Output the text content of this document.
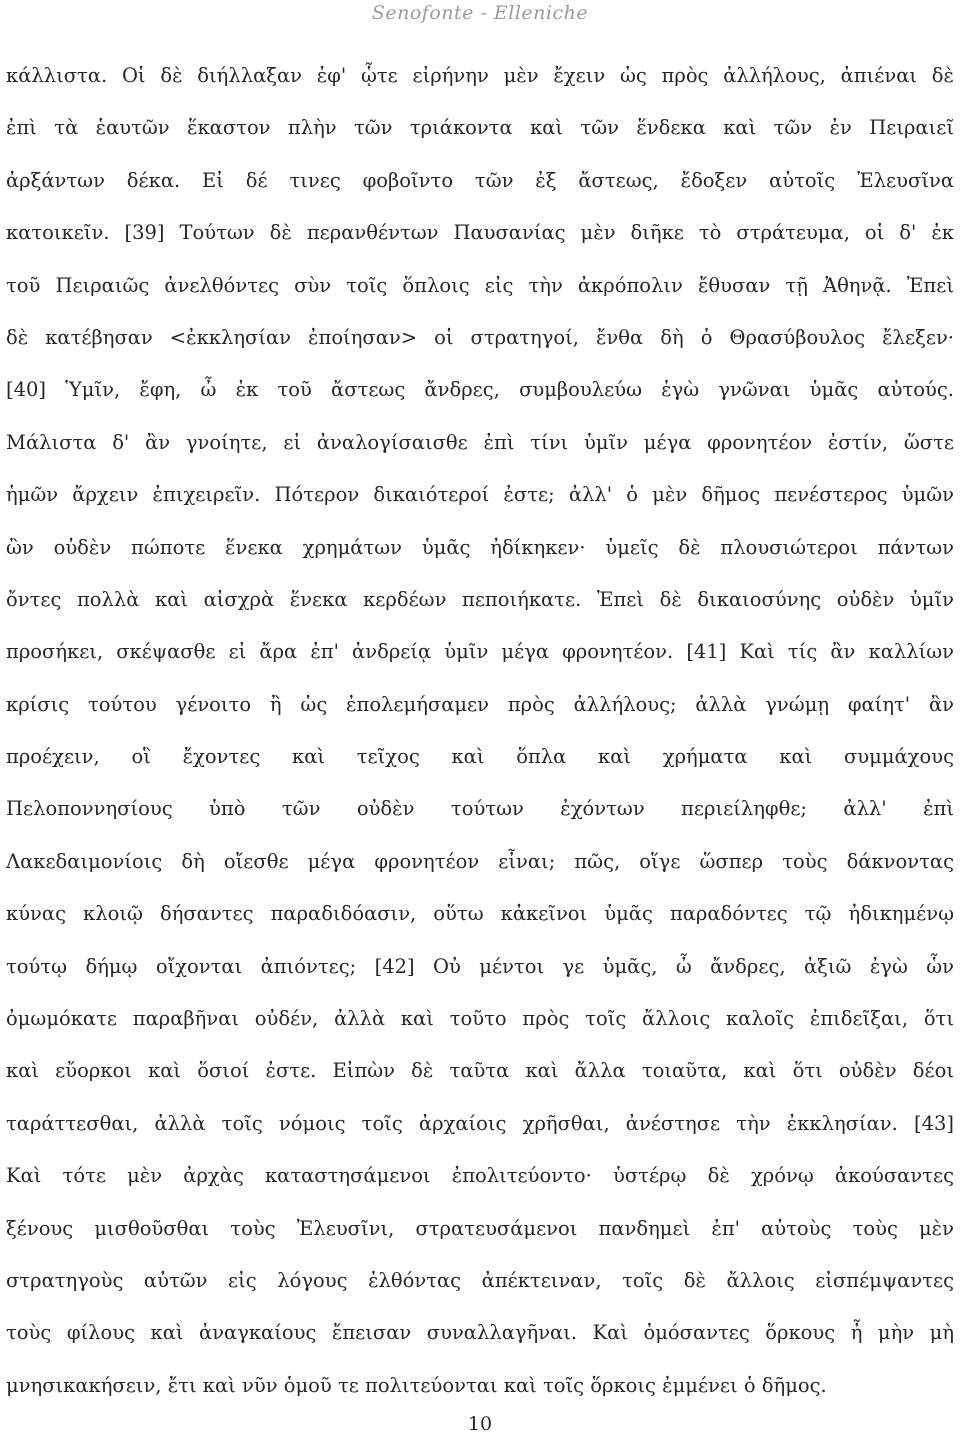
Senofonte - Elleniche
κάλλιστα. Οἱ δὲ διήλλαξαν ἐφ' ᾧτε εἰρήνην μὲν ἔχειν ὡς πρὸς ἀλλήλους, ἀπιέναι δὲ
ἐπὶ τὰ ἑαυτῶν ἕκαστον πλὴν τῶν τριάκοντα καὶ τῶν ἕνδεκα καὶ τῶν ἐν Πειραιεῖ
ἀρξάντων δέκα. Εἰ δέ τινες φοβοῖντο τῶν ἐξ ἄστεως, ἔδοξεν αὐτοῖς Ἐλευσῖνα
κατοικεῖν. [39] Τούτων δὲ περανθέντων Παυσανίας μὲν διῆκε τὸ στράτευμα, οἱ δ' ἐκ
τοῦ Πειραιῶς ἀνελθόντες σὺν τοῖς ὅπλοις εἰς τὴν ἀκρόπολιν ἔθυσαν τῇ Ἀθηνᾷ. Ἐπεὶ
δὲ κατέβησαν <ἐκκλησίαν ἐποίησαν> οἱ στρατηγοί, ἔνθα δὴ ὁ Θρασύβουλος ἔλεξεν·
[40] Ὑμῖν, ἔφη, ὦ ἐκ τοῦ ἄστεως ἄνδρες, συμβουλεύω ἐγὼ γνῶναι ὑμᾶς αὐτούς.
Μάλιστα δ' ἂν γνοίητε, εἰ ἀναλογίσαισθε ἐπὶ τίνι ὑμῖν μέγα φρονητέον ἐστίν, ὥστε
ἡμῶν ἄρχειν ἐπιχειρεῖν. Πότερον δικαιότεροί ἐστε; ἀλλ' ὁ μὲν δῆμος πενέστερος ὑμῶν
ὢν οὐδὲν πώποτε ἕνεκα χρημάτων ὑμᾶς ἠδίκηκεν· ὑμεῖς δὲ πλουσιώτεροι πάντων
ὄντες πολλὰ καὶ αἰσχρὰ ἕνεκα κερδέων πεποιήκατε. Ἐπεὶ δὲ δικαιοσύνης οὐδὲν ὑμῖν
προσήκει, σκέψασθε εἰ ἄρα ἐπ' ἀνδρείᾳ ὑμῖν μέγα φρονητέον. [41] Καὶ τίς ἂν καλλίων
κρίσις τούτου γένοιτο ἢ ὡς ἐπολεμήσαμεν πρὸς ἀλλήλους; ἀλλὰ γνώμῃ φαίητ' ἂν
προέχειν, οἳ ἔχοντες καὶ τεῖχος καὶ ὅπλα καὶ χρήματα καὶ συμμάχους
Πελοποννησίους ὑπὸ τῶν οὐδὲν τούτων ἐχόντων περιείληφθε; ἀλλ' ἐπὶ
Λακεδαιμονίοις δὴ οἴεσθε μέγα φρονητέον εἶναι; πῶς, οἵγε ὥσπερ τοὺς δάκνοντας
κύνας κλοιῷ δήσαντες παραδιδόασιν, οὕτω κἀκεῖνοι ὑμᾶς παραδόντες τῷ ἠδικημένῳ
τούτῳ δήμῳ οἴχονται ἀπιόντες; [42] Οὐ μέντοι γε ὑμᾶς, ὦ ἄνδρες, ἀξιῶ ἐγὼ ὧν
ὀμωμόκατε παραβῆναι οὐδέν, ἀλλὰ καὶ τοῦτο πρὸς τοῖς ἄλλοις καλοῖς ἐπιδεῖξαι, ὅτι
καὶ εὔορκοι καὶ ὅσιοί ἐστε. Εἰπὼν δὲ ταῦτα καὶ ἄλλα τοιαῦτα, καὶ ὅτι οὐδὲν δέοι
ταράττεσθαι, ἀλλὰ τοῖς νόμοις τοῖς ἀρχαίοις χρῆσθαι, ἀνέστησε τὴν ἐκκλησίαν. [43]
Καὶ τότε μὲν ἀρχὰς καταστησάμενοι ἐπολιτεύοντο· ὑστέρῳ δὲ χρόνῳ ἀκούσαντες
ξένους μισθοῦσθαι τοὺς Ἐλευσῖνι, στρατευσάμενοι πανδημεὶ ἐπ' αὐτοὺς τοὺς μὲν
στρατηγοὺς αὐτῶν εἰς λόγους ἐλθόντας ἀπέκτειναν, τοῖς δὲ ἄλλοις εἰσπέμψαντες
τοὺς φίλους καὶ ἀναγκαίους ἔπεισαν συναλλαγῆναι. Καὶ ὀμόσαντες ὅρκους ἦ μὴν μὴ
μνησικακήσειν, ἔτι καὶ νῦν ὁμοῦ τε πολιτεύονται καὶ τοῖς ὅρκοις ἐμμένει ὁ δῆμος.
10
